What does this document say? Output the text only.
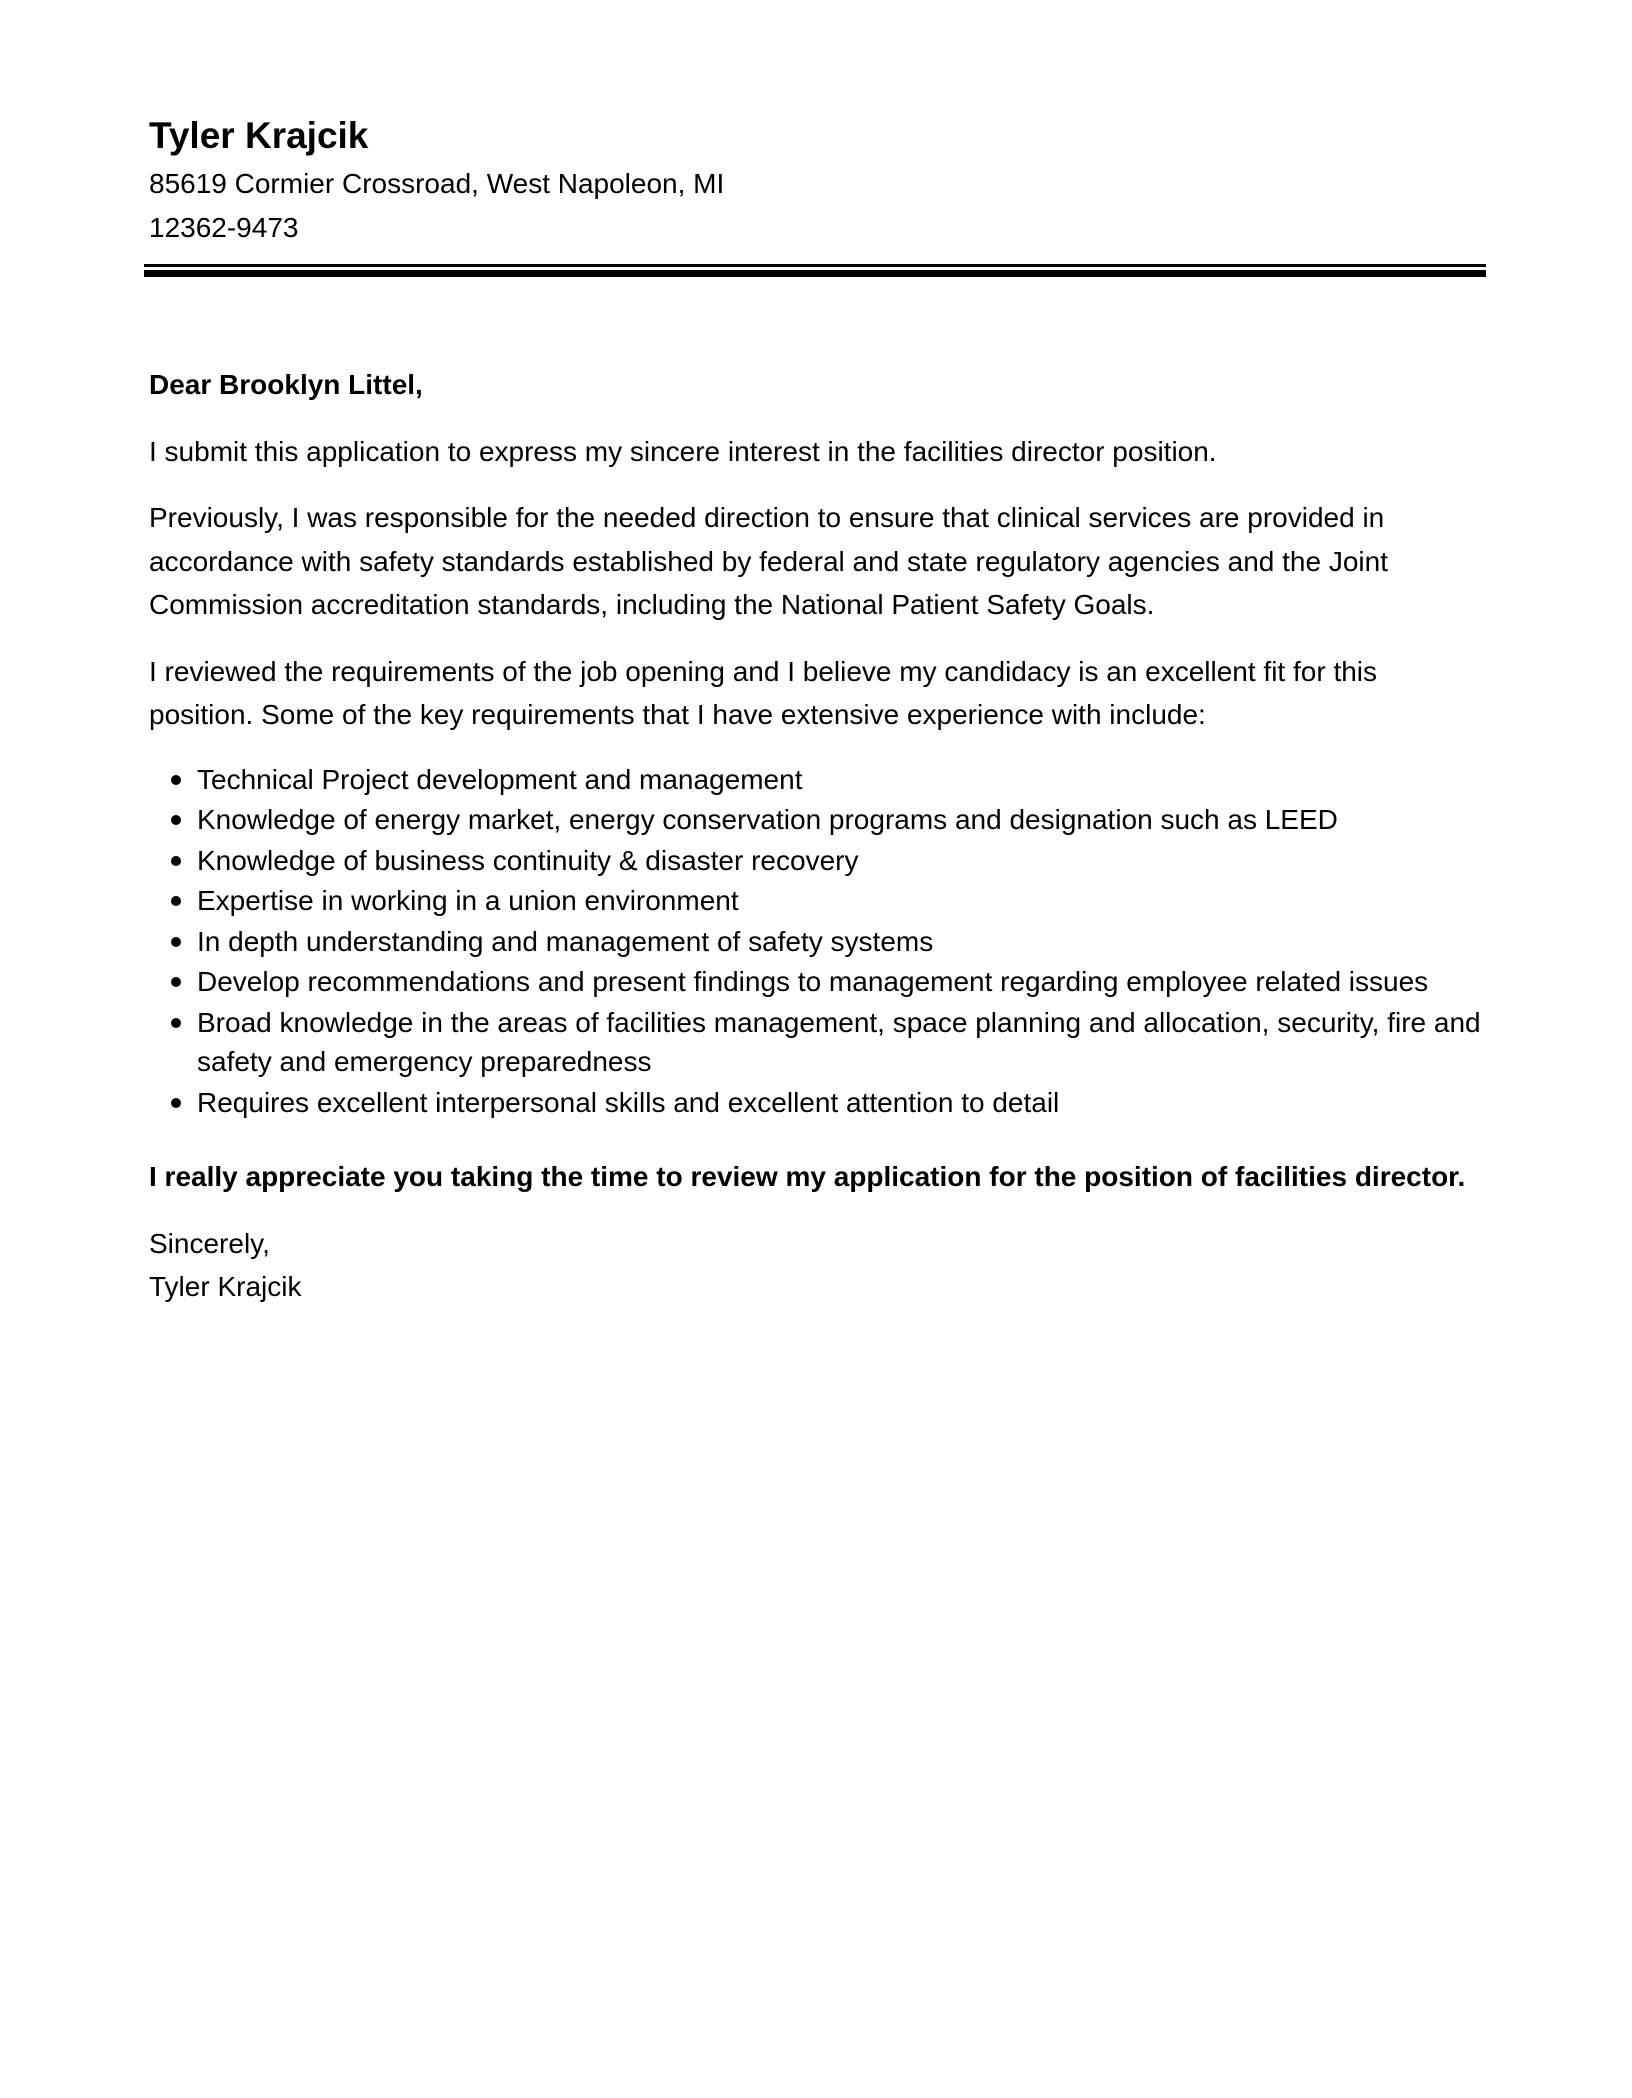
Tyler Krajcik
85619 Cormier Crossroad, West Napoleon, MI
12362-9473

Dear Brooklyn Littel,

I submit this application to express my sincere interest in the facilities director position.

Previously, I was responsible for the needed direction to ensure that clinical services are provided in accordance with safety standards established by federal and state regulatory agencies and the Joint Commission accreditation standards, including the National Patient Safety Goals.

I reviewed the requirements of the job opening and I believe my candidacy is an excellent fit for this position. Some of the key requirements that I have extensive experience with include:

Technical Project development and management
Knowledge of energy market, energy conservation programs and designation such as LEED
Knowledge of business continuity & disaster recovery
Expertise in working in a union environment
In depth understanding and management of safety systems
Develop recommendations and present findings to management regarding employee related issues
Broad knowledge in the areas of facilities management, space planning and allocation, security, fire and safety and emergency preparedness
Requires excellent interpersonal skills and excellent attention to detail

I really appreciate you taking the time to review my application for the position of facilities director.

Sincerely,
Tyler Krajcik
